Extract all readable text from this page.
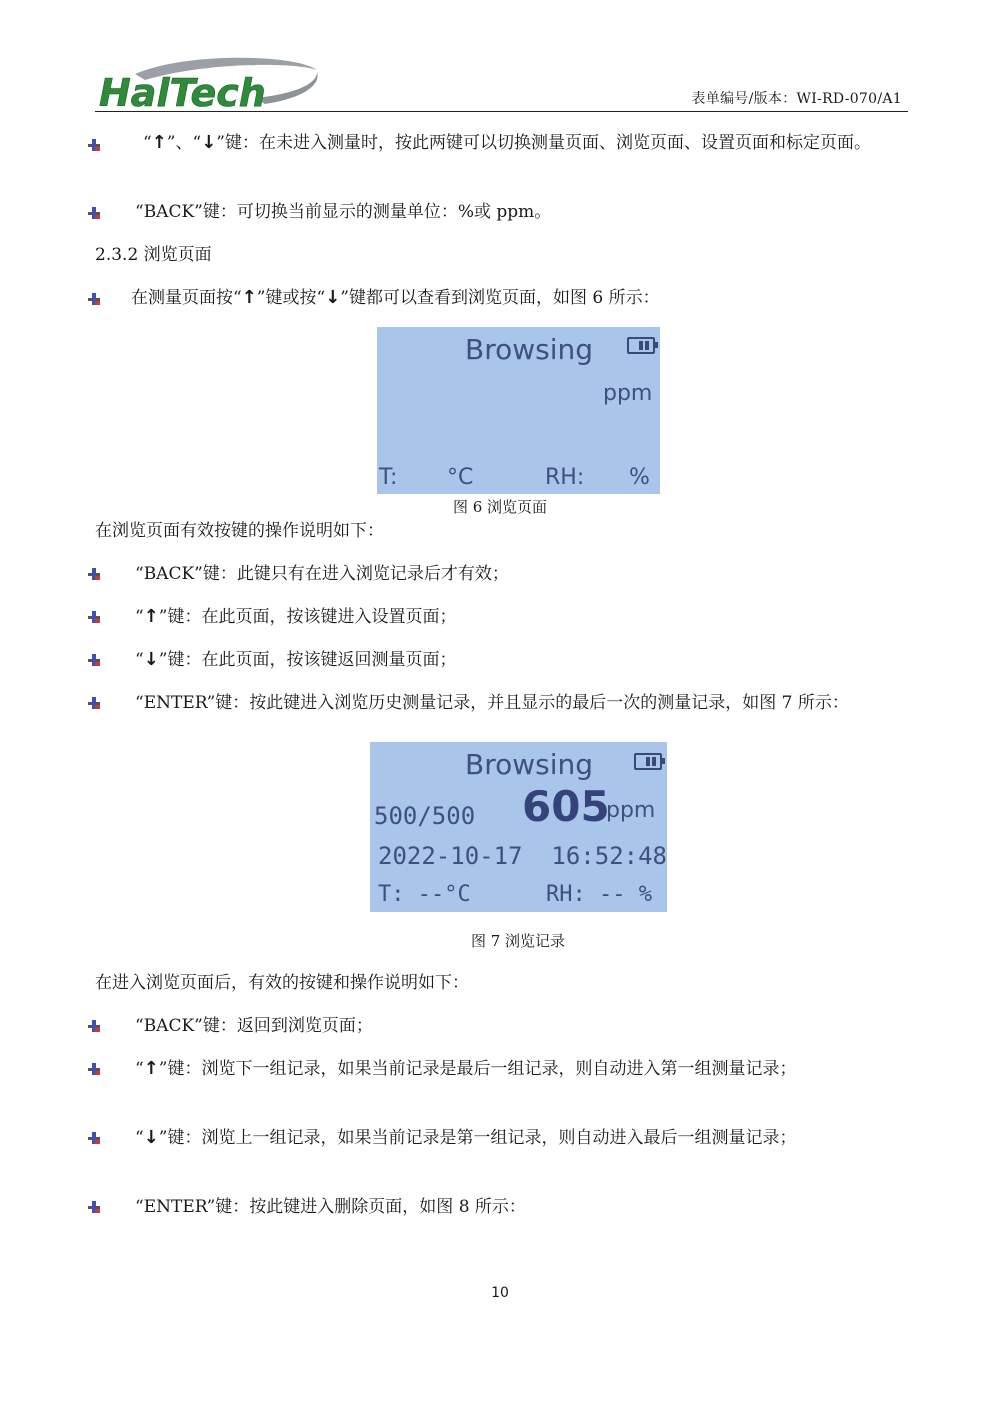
HalTech	表单编号/版本：WI-RD-070/A1
“↑”、“↓”键：在未进入测量时，按此两键可以切换测量页面、浏览页面、设置页面和标定页面。
“BACK”键：可切换当前显示的测量单位：%或 ppm。
2.3.2 浏览页面
在测量页面按“↑”键或按“↓”键都可以查看到浏览页面，如图 6 所示：
Browsing
ppm
T: °C	RH: %
图 6 浏览页面
在浏览页面有效按键的操作说明如下：
“BACK”键：此键只有在进入浏览记录后才有效；
“↑”键：在此页面，按该键进入设置页面；
“↓”键：在此页面，按该键返回测量页面；
“ENTER”键：按此键进入浏览历史测量记录，并且显示的最后一次的测量记录，如图 7 所示：
Browsing
500/500 605
ppm
2022-10-17  16:52:48
T: --°C	RH: -- %
图 7 浏览记录
在进入浏览页面后，有效的按键和操作说明如下：
“BACK”键：返回到浏览页面；
“↑”键：浏览下一组记录，如果当前记录是最后一组记录，则自动进入第一组测量记录；
“↓”键：浏览上一组记录，如果当前记录是第一组记录，则自动进入最后一组测量记录；
“ENTER”键：按此键进入删除页面，如图 8 所示：
10
